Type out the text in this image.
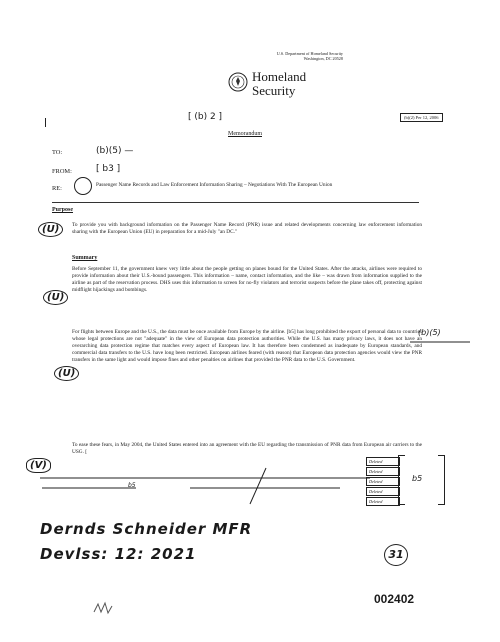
U.S. Department of Homeland Security
Washington, DC 20528
Homeland
Security
(b)(2) Per 12, 2006
[ (b) 2 ]
Memorandum
TO:	(b)(5) —
FROM:	[ b3 ]
RE:	Passenger Name Records and Law Enforcement Information Sharing – Negotiations With The European Union
Purpose
(U)	To provide you with background information on the Passenger Name Record (PNR) issue and related developments concerning law enforcement information sharing with the European Union (EU) in preparation for a mid-July "an DC."
Summary
(U)
Before September 11, the government knew very little about the people getting on planes bound for the United States. After the attacks, airlines were required to provide information about their U.S.-bound passengers. This information – name, contact information, and the like – was drawn from information supplied to the airline as part of the reservation process. DHS uses this information to screen for no-fly violators and terrorist suspects before the plane takes off, protecting against midflight hijackings and bombings.
(U)
For flights between Europe and the U.S., the data must be once available from Europe by the airline. [b5] has long prohibited the export of personal data to countries whose legal protections are not "adequate" in the view of European data protection authorities. While the U.S. has many privacy laws, it does not have an overarching data protection regime that matches every aspect of European law. It has therefore been condemned as inadequate by European standards, and commercial data transfers to the U.S. have long been restricted. European airlines feared (with reason) that European data protection agencies would view the PNR transfers in the same light and would impose fines and other penalties on airlines that provided the PNR data to the U.S. Government.
(b)(5)
To ease these fears, in May 2004, the United States entered into an agreement with the EU regarding the transmission of PNR data from European air carriers to the USG. [
(V)	Deleted
Deleted
Deleted
Deleted
Deleted
b5
b5
Dernds Schneider MFR
Devlss: 12: 2021	31
002402
